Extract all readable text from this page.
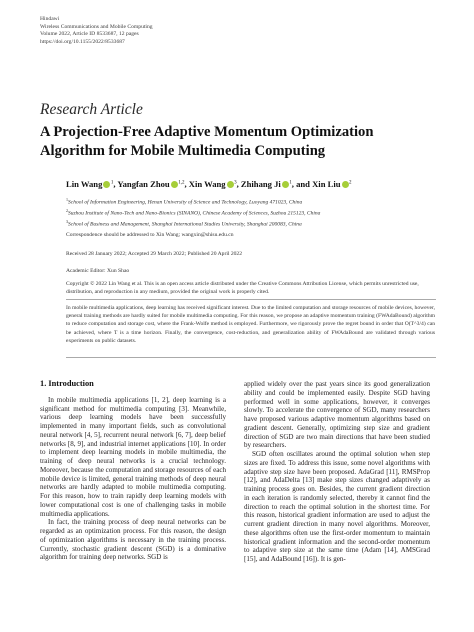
Hindawi
Wireless Communications and Mobile Computing
Volume 2022, Article ID 8533687, 12 pages
https://doi.org/10.1155/2022/8533687
Research Article
A Projection-Free Adaptive Momentum Optimization
Algorithm for Mobile Multimedia Computing
Lin Wang $^1$, Yangfan Zhou $^{1,2}$, Xin Wang $^3$, Zhihang Ji $^1$, and Xin Liu $^2$
$^1$School of Information Engineering, Henan University of Science and Technology, Luoyang 471023, China
$^2$Suzhou Institute of Nano-Tech and Nano-Bionics (SINANO), Chinese Academy of Sciences, Suzhou 215123, China
$^3$School of Business and Management, Shanghai International Studies University, Shanghai 200083, China
Correspondence should be addressed to Xin Wang; wangxin@shisu.edu.cn
Received 28 January 2022; Accepted 29 March 2022; Published 20 April 2022
Academic Editor: Xun Shao
Copyright © 2022 Lin Wang et al. This is an open access article distributed under the Creative Commons Attribution License, which permits unrestricted use, distribution, and reproduction in any medium, provided the original work is properly cited.
In mobile multimedia applications, deep learning has received significant interest. Due to the limited computation and storage resources of mobile devices, however, general training methods are hardly suited for mobile multimedia computing. For this reason, we propose an adaptive momentum training (FWAdaBound) algorithm to reduce computation and storage cost, where the Frank-Wolfe method is employed. Furthermore, we rigorously prove the regret bound in order that O(T^3/4) can be achieved, where T is a time horizon. Finally, the convergence, cost-reduction, and generalization ability of FWAdaBound are validated through various experiments on public datasets.
1. Introduction

In mobile multimedia applications [1, 2], deep learning is a significant method for multimedia computing [3]. Meanwhile, various deep learning models have been successfully implemented in many important fields, such as convolutional neural network [4, 5], recurrent neural network [6, 7], deep belief networks [8, 9], and industrial internet applications [10]. In order to implement deep learning models in mobile multimedia, the training of deep neural networks is a crucial technology. Moreover, because the computation and storage resources of each mobile device is limited, general training methods of deep neural networks are hardly adapted to mobile multimedia computing. For this reason, how to train rapidly deep learning models with lower computational cost is one of challenging tasks in mobile multimedia applications.

In fact, the training process of deep neural networks can be regarded as an optimization process. For this reason, the design of optimization algorithms is necessary in the training process. Currently, stochastic gradient descent (SGD) is a dominative algorithm for training deep networks. SGD is

applied widely over the past years since its good generalization ability and could be implemented easily. Despite SGD having performed well in some applications, however, it converges slowly. To accelerate the convergence of SGD, many researchers have proposed various adaptive momentum algorithms based on gradient descent. Generally, optimizing step size and gradient direction of SGD are two main directions that have been studied by researchers.

SGD often oscillates around the optimal solution when step sizes are fixed. To address this issue, some novel algorithms with adaptive step size have been proposed. AdaGrad [11], RMSProp [12], and AdaDelta [13] make step sizes changed adaptively as training process goes on. Besides, the current gradient direction in each iteration is randomly selected, thereby it cannot find the direction to reach the optimal solution in the shortest time. For this reason, historical gradient information are used to adjust the current gradient direction in many novel algorithms. Moreover, these algorithms often use the first-order momentum to maintain historical gradient information and the second-order momentum to adaptive step size at the same time (Adam [14], AMSGrad [15], and AdaBound [16]). It is gen-
